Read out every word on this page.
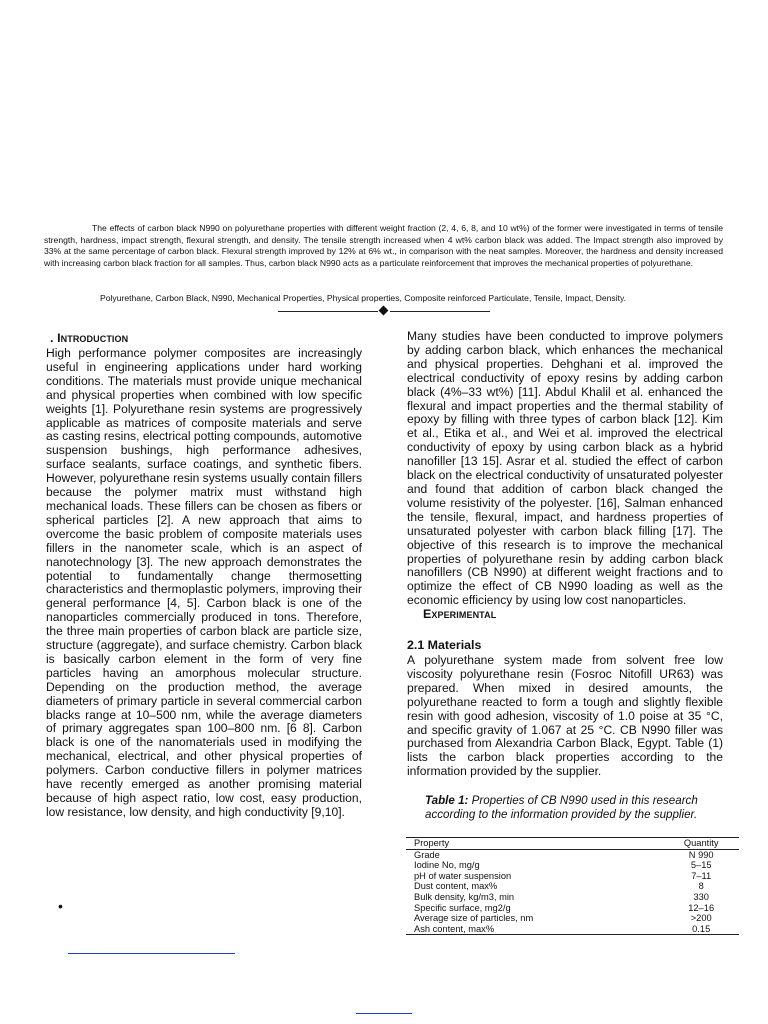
The effects of carbon black N990 on polyurethane properties with different weight fraction (2, 4, 6, 8, and 10 wt%) of the former were investigated in terms of tensile strength, hardness, impact strength, flexural strength, and density. The tensile strength increased when 4 wt% carbon black was added. The Impact strength also improved by 33% at the same percentage of carbon black. Flexural strength improved by 12% at 6% wt., in comparison with the neat samples. Moreover, the hardness and density increased with increasing carbon black fraction for all samples. Thus, carbon black N990 acts as a particulate reinforcement that improves the mechanical properties of polyurethane.

Polyurethane, Carbon Black, N990, Mechanical Properties, Physical properties, Composite reinforced Particulate, Tensile, Impact, Density.

. Introduction

High performance polymer composites are increasingly useful in engineering applications under hard working conditions. The materials must provide unique mechanical and physical properties when combined with low specific weights [1]. Polyurethane resin systems are progressively applicable as matrices of composite materials and serve as casting resins, electrical potting compounds, automotive suspension bushings, high performance adhesives, surface sealants, surface coatings, and synthetic fibers. However, polyurethane resin systems usually contain fillers because the polymer matrix must withstand high mechanical loads. These fillers can be chosen as fibers or spherical particles [2]. A new approach that aims to overcome the basic problem of composite materials uses fillers in the nanometer scale, which is an aspect of nanotechnology [3]. The new approach demonstrates the potential to fundamentally change thermosetting characteristics and thermoplastic polymers, improving their general performance [4, 5]. Carbon black is one of the nanoparticles commercially produced in tons. Therefore, the three main properties of carbon black are particle size, structure (aggregate), and surface chemistry. Carbon black is basically carbon element in the form of very fine particles having an amorphous molecular structure. Depending on the production method, the average diameters of primary particle in several commercial carbon blacks range at 10–500 nm, while the average diameters of primary aggregates span 100–800 nm. [6 8]. Carbon black is one of the nanomaterials used in modifying the mechanical, electrical, and other physical properties of polymers. Carbon conductive fillers in polymer matrices have recently emerged as another promising material because of high aspect ratio, low cost, easy production, low resistance, low density, and high conductivity [9,10].

Many studies have been conducted to improve polymers by adding carbon black, which enhances the mechanical and physical properties. Dehghani et al. improved the electrical conductivity of epoxy resins by adding carbon black (4%–33 wt%) [11]. Abdul Khalil et al. enhanced the flexural and impact properties and the thermal stability of epoxy by filling with three types of carbon black [12]. Kim et al., Etika et al., and Wei et al. improved the electrical conductivity of epoxy by using carbon black as a hybrid nanofiller [13 15]. Asrar et al. studied the effect of carbon black on the electrical conductivity of unsaturated polyester and found that addition of carbon black changed the volume resistivity of the polyester. [16], Salman enhanced the tensile, flexural, impact, and hardness properties of unsaturated polyester with carbon black filling [17]. The objective of this research is to improve the mechanical properties of polyurethane resin by adding carbon black nanofillers (CB N990) at different weight fractions and to optimize the effect of CB N990 loading as well as the economic efficiency by using low cost nanoparticles.

Experimental
2.1 Materials

A polyurethane system made from solvent free low viscosity polyurethane resin (Fosroc Nitofill UR63) was prepared. When mixed in desired amounts, the polyurethane reacted to form a tough and slightly flexible resin with good adhesion, viscosity of 1.0 poise at 35 °C, and specific gravity of 1.067 at 25 °C. CB N990 filler was purchased from Alexandria Carbon Black, Egypt. Table (1) lists the carbon black properties according to the information provided by the supplier.

Table 1: Properties of CB N990 used in this research according to the information provided by the supplier.

Property	Quantity
Grade	N 990
Iodine No, mg/g	5–15
pH of water suspension	7–11
Dust content, max%	8
Bulk density, kg/m3, min	330
Specific surface, mg2/g	12–16
Average size of particles, nm	>200
Ash content, max%	0.15

•
